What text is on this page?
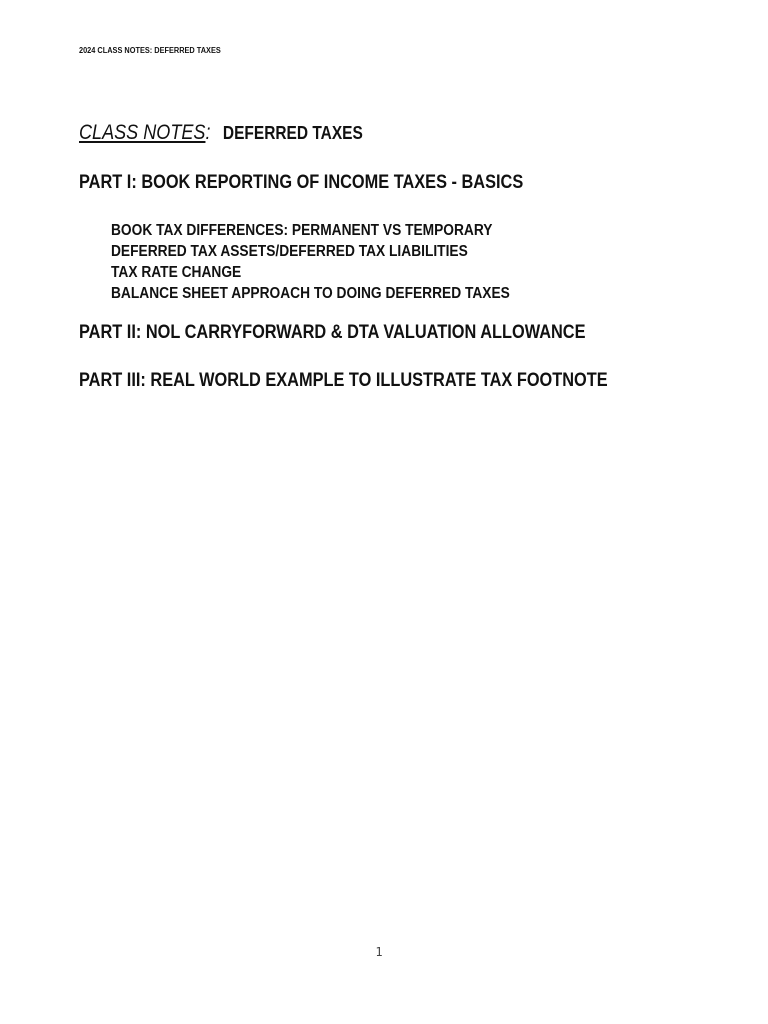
2024 CLASS NOTES: DEFERRED TAXES
CLASS NOTES: DEFERRED TAXES
PART I: BOOK REPORTING OF INCOME TAXES - BASICS
BOOK TAX DIFFERENCES: PERMANENT VS TEMPORARY
DEFERRED TAX ASSETS/DEFERRED TAX LIABILITIES
TAX RATE CHANGE
BALANCE SHEET APPROACH TO DOING DEFERRED TAXES
PART II: NOL CARRYFORWARD & DTA VALUATION ALLOWANCE
PART III: REAL WORLD EXAMPLE TO ILLUSTRATE TAX FOOTNOTE
1
